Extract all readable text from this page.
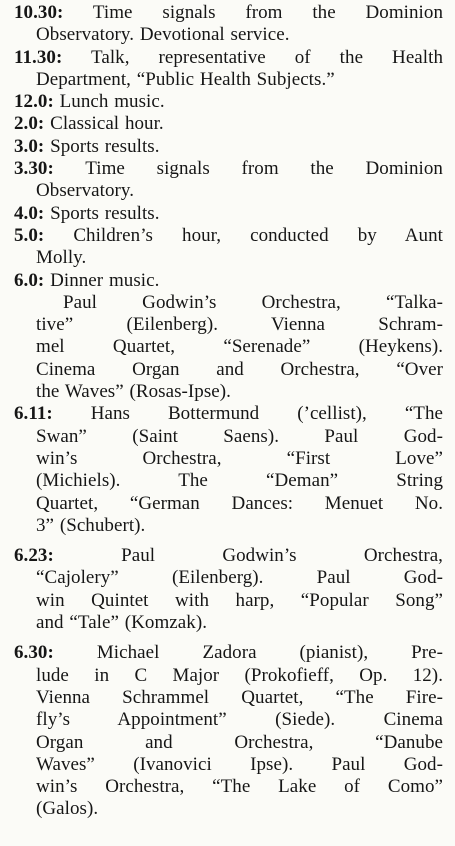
10.30: Time signals from the Dominion
Observatory. Devotional service.
11.30: Talk, representative of the Health
Department, “Public Health Subjects.”
12.0: Lunch music.
2.0: Classical hour.
3.0: Sports results.
3.30: Time signals from the Dominion
Observatory.
4.0: Sports results.
5.0: Children’s hour, conducted by Aunt
Molly.
6.0: Dinner music.
Paul Godwin’s Orchestra, “Talka-
tive” (Eilenberg). Vienna Schram-
mel Quartet, “Serenade” (Heykens).
Cinema Organ and Orchestra, “Over
the Waves” (Rosas-Ipse).
6.11: Hans Bottermund (’cellist), “The
Swan” (Saint Saens). Paul God-
win’s Orchestra, “First Love”
(Michiels). The “Deman” String
Quartet, “German Dances: Menuet No.
3” (Schubert).
6.23:	Paul Godwin’s Orchestra,
“Cajolery” (Eilenberg). Paul God-
win Quintet with harp, “Popular Song”
and “Tale” (Komzak).
6.30: Michael Zadora (pianist), Pre-
lude in C Major (Prokofieff, Op. 12).
Vienna Schrammel Quartet, “The Fire-
fly’s Appointment” (Siede). Cinema
Organ and Orchestra, “Danube
Waves” (Ivanovici Ipse). Paul God-
win’s Orchestra, “The Lake of Como”
(Galos).
